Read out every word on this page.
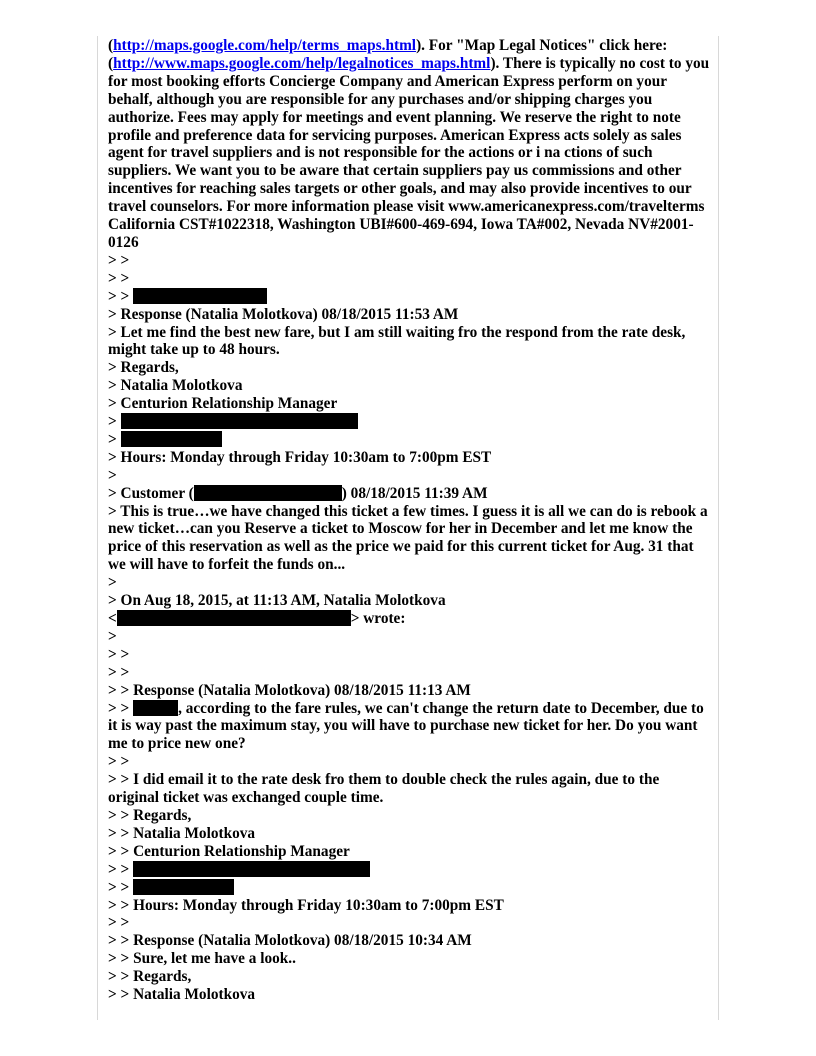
(http://maps.google.com/help/terms_maps.html). For "Map Legal Notices" click here: (http://www.maps.google.com/help/legalnotices_maps.html). There is typically no cost to you for most booking efforts Concierge Company and American Express perform on your behalf, although you are responsible for any purchases and/or shipping charges you authorize. Fees may apply for meetings and event planning. We reserve the right to note profile and preference data for servicing purposes. American Express acts solely as sales agent for travel suppliers and is not responsible for the actions or i na ctions of such suppliers. We want you to be aware that certain suppliers pay us commissions and other incentives for reaching sales targets or other goals, and may also provide incentives to our travel counselors. For more information please visit www.americanexpress.com/travelterms California CST#1022318, Washington UBI#600-469-694, Iowa TA#002, Nevada NV#2001-0126

> >

> >

> >

> Response (Natalia Molotkova) 08/18/2015 11:53 AM

> Let me find the best new fare, but I am still waiting fro the respond from the rate desk, might take up to 48 hours.

> Regards,

> Natalia Molotkova

> Centurion Relationship Manager

>

>

> Hours: Monday through Friday 10:30am to 7:00pm EST

>

> Customer (	) 08/18/2015 11:39 AM

> This is true…we have changed this ticket a few times. I guess it is all we can do is rebook a new ticket…can you Reserve a ticket to Moscow for her in December and let me know the price of this reservation as well as the price we paid for this current ticket for Aug. 31 that we will have to forfeit the funds on...

>

> On Aug 18, 2015, at 11:13 AM, Natalia Molotkova

<	> wrote:

>

> >

> >

> > Response (Natalia Molotkova) 08/18/2015 11:13 AM

> >	, according to the fare rules, we can't change the return date to December, due to it is way past the maximum stay, you will have to purchase new ticket for her. Do you want me to price new one?

> >

> > I did email it to the rate desk fro them to double check the rules again, due to the original ticket was exchanged couple time.

> > Regards,

> > Natalia Molotkova

> > Centurion Relationship Manager

> >

> >

> > Hours: Monday through Friday 10:30am to 7:00pm EST

> >

> > Response (Natalia Molotkova) 08/18/2015 10:34 AM

> > Sure, let me have a look..

> > Regards,

> > Natalia Molotkova
